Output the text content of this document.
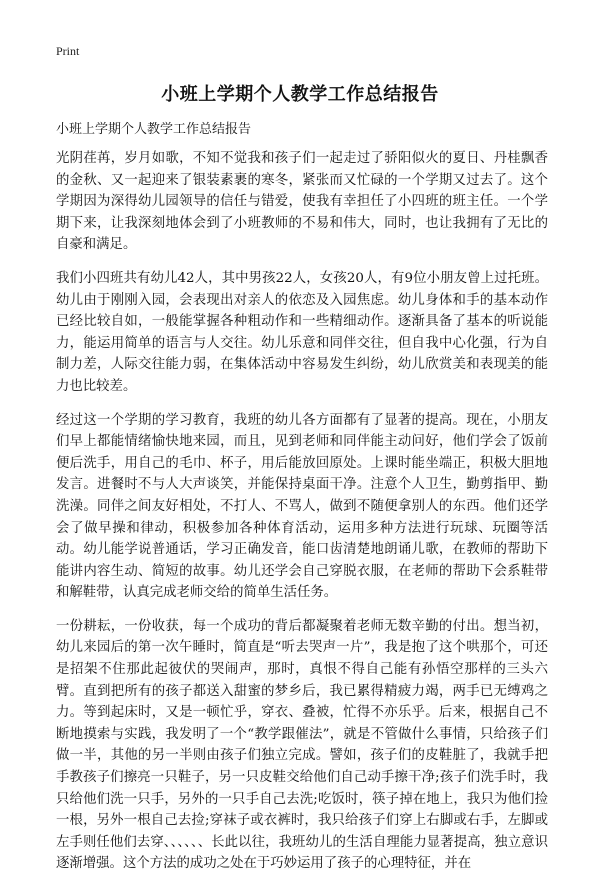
Print
小班上学期个人教学工作总结报告
小班上学期个人教学工作总结报告

光阴荏苒，岁月如歌，不知不觉我和孩子们一起走过了骄阳似火的夏日、丹桂飘香的金秋、又一起迎来了银装素裹的寒冬，紧张而又忙碌的一个学期又过去了。这个学期因为深得幼儿园领导的信任与错爱，使我有幸担任了小四班的班主任。一个学期下来，让我深刻地体会到了小班教师的不易和伟大，同时，也让我拥有了无比的自豪和满足。

我们小四班共有幼儿42人，其中男孩22人，女孩20人，有9位小朋友曾上过托班。幼儿由于刚刚入园，会表现出对亲人的依恋及入园焦虑。幼儿身体和手的基本动作已经比较自如，一般能掌握各种粗动作和一些精细动作。逐渐具备了基本的听说能力，能运用简单的语言与人交往。幼儿乐意和同伴交往，但自我中心化强，行为自制力差，人际交往能力弱，在集体活动中容易发生纠纷，幼儿欣赏美和表现美的能力也比较差。

经过这一个学期的学习教育，我班的幼儿各方面都有了显著的提高。现在，小朋友们早上都能情绪愉快地来园，而且，见到老师和同伴能主动问好，他们学会了饭前便后洗手，用自己的毛巾、杯子，用后能放回原处。上课时能坐端正，积极大胆地发言。进餐时不与人大声谈笑，并能保持桌面干净。注意个人卫生，勤剪指甲、勤洗澡。同伴之间友好相处，不打人、不骂人，做到不随便拿别人的东西。他们还学会了做早操和律动，积极参加各种体育活动，运用多种方法进行玩球、玩圈等活动。幼儿能学说普通话，学习正确发音，能口齿清楚地朗诵儿歌，在教师的帮助下能讲内容生动、简短的故事。幼儿还学会自己穿脱衣服，在老师的帮助下会系鞋带和解鞋带，认真完成老师交给的简单生活任务。

一份耕耘，一份收获，每一个成功的背后都凝聚着老师无数辛勤的付出。想当初，幼儿来园后的第一次午睡时，简直是“听去哭声一片”，我是抱了这个哄那个，可还是招架不住那此起彼伏的哭闹声，那时，真恨不得自己能有孙悟空那样的三头六臂。直到把所有的孩子都送入甜蜜的梦乡后，我已累得精疲力竭，两手已无缚鸡之力。等到起床时，又是一顿忙乎，穿衣、叠被，忙得不亦乐乎。后来，根据自己不断地摸索与实践，我发明了一个“教学跟催法”，就是不管做什么事情，只给孩子们做一半，其他的另一半则由孩子们独立完成。譬如，孩子们的皮鞋脏了，我就手把手教孩子们擦亮一只鞋子，另一只皮鞋交给他们自己动手擦干净;孩子们洗手时，我只给他们洗一只手，另外的一只手自己去洗;吃饭时，筷子掉在地上，我只为他们捡一根，另外一根自己去捡;穿袜子或衣裤时，我只给孩子们穿上右脚或右手，左脚或左手则任他们去穿、、、、、、长此以往，我班幼儿的生活自理能力显著提高，独立意识逐渐增强。这个方法的成功之处在于巧妙运用了孩子的心理特征，并在
